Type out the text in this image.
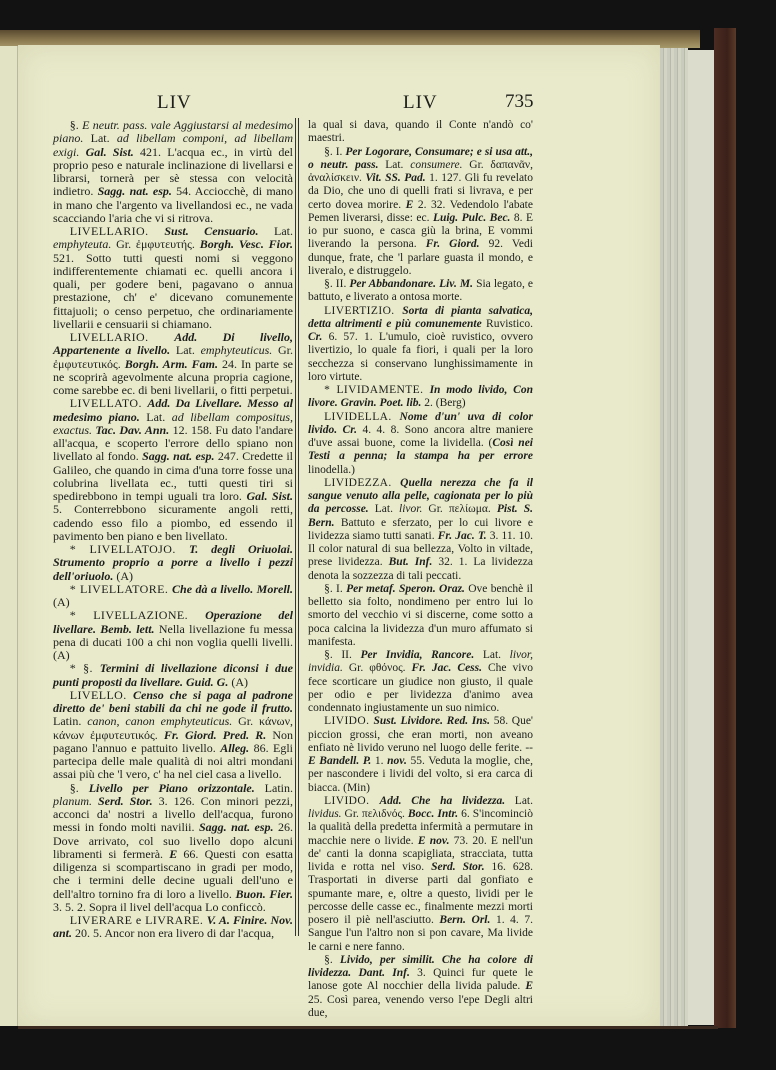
LIV	LIV	735

§. E neutr. pass. vale Aggiustarsi al medesimo piano. Lat. ad libellam componi, ad libellam exigi. Gal. Sist. 421. L'acqua ec., in virtù del proprio peso e naturale inclinazione di livellarsi e librarsi, tornerà per sè stessa con velocità indietro. Sagg. nat. esp. 54. Acciocchè, di mano in mano che l'argento va livellandosi ec., ne vada scacciando l'aria che vi si ritrova.

LIVELLARIO. Sust. Censuario. Lat. emphyteuta. Gr. ἐμφυτευτής. Borgh. Vesc. Fior. 521. Sotto tutti questi nomi si veggono indifferentemente chiamati ec. quelli ancora i quali, per godere beni, pagavano o annua prestazione, ch' e' dicevano comunemente fittajuoli; o censo perpetuo, che ordinariamente livellarii e censuarii si chiamano.

LIVELLARIO. Add. Di livello, Appartenente a livello. Lat. emphyteuticus. Gr. ἐμφυτευτικός. Borgh. Arm. Fam. 24. In parte se ne scoprirà agevolmente alcuna propria cagione, come sarebbe ec. di beni livellarii, o fitti perpetui.

LIVELLATO. Add. Da Livellare. Messo al medesimo piano. Lat. ad libellam compositus, exactus. Tac. Dav. Ann. 12. 158. Fu dato l'andare all'acqua, e scoperto l'errore dello spiano non livellato al fondo. Sagg. nat. esp. 247. Credette il Galileo, che quando in cima d'una torre fosse una colubrina livellata ec., tutti questi tiri si spedirebbono in tempi uguali tra loro. Gal. Sist. 5. Conterrebbono sicuramente angoli retti, cadendo esso filo a piombo, ed essendo il pavimento ben piano e ben livellato.

* LIVELLATOJO. T. degli Oriuolai. Strumento proprio a porre a livello i pezzi dell'oriuolo. (A)

* LIVELLATORE. Che dà a livello. Morell. (A)

* LIVELLAZIONE. Operazione del livellare. Bemb. lett. Nella livellazione fu messa pena di ducati 100 a chi non voglia quelli livelli. (A)

* §. Termini di livellazione diconsi i due punti proposti da livellare. Guid. G. (A)

LIVELLO. Censo che si paga al padrone diretto de' beni stabili da chi ne gode il frutto. Latin. canon, canon emphyteuticus. Gr. κάνων, κάνων ἐμφυτευτικός. Fr. Giord. Pred. R. Non pagano l'annuo e pattuito livello. Alleg. 86. Egli partecipa delle male qualità di noi altri mondani assai più che 'l vero, c' ha nel ciel casa a livello.

§. Livello per Piano orizzontale. Latin. planum. Serd. Stor. 3. 126. Con minori pezzi, acconci da' nostri a livello dell'acqua, furono messi in fondo molti navilii. Sagg. nat. esp. 26. Dove arrivato, col suo livello dopo alcuni libramenti si fermerà. E 66. Questi con esatta diligenza si scompartiscano in gradi per modo, che i termini delle decine uguali dell'uno e dell'altro tornino fra di loro a livello. Buon. Fier. 3. 5. 2. Sopra il livel dell'acqua Lo conficcò.

LIVERARE e LIVRARE. V. A. Finire. Nov. ant. 20. 5. Ancor non era livero di dar l'acqua,

la qual si dava, quando il Conte n'andò co' maestri.

§. I. Per Logorare, Consumare; e si usa att., o neutr. pass. Lat. consumere. Gr. δαπανᾶν, ἀναλίσκειν. Vit. SS. Pad. 1. 127. Gli fu revelato da Dio, che uno di quelli frati si livrava, e per certo dovea morire. E 2. 32. Vedendolo l'abate Pemen liverarsi, disse: ec. Luig. Pulc. Bec. 8. E io pur suono, e casca giù la brina, E vommi liverando la persona. Fr. Giord. 92. Vedi dunque, frate, che 'l parlare guasta il mondo, e liveralo, e distruggelo.

§. II. Per Abbandonare. Liv. M. Sia legato, e battuto, e liverato a ontosa morte.

LIVERTIZIO. Sorta di pianta salvatica, detta altrimenti e più comunemente Ruvistico. Cr. 6. 57. 1. L'umulo, cioè ruvistico, ovvero livertizio, lo quale fa fiori, i quali per la loro secchezza si conservano lunghissimamente in loro virtute.

* LIVIDAMENTE. In modo livido, Con livore. Gravin. Poet. lib. 2. (Berg)

LIVIDELLA. Nome d'un' uva di color livido. Cr. 4. 4. 8. Sono ancora altre maniere d'uve assai buone, come la lividella. (Così nei Testi a penna; la stampa ha per errore linodella.)

LIVIDEZZA. Quella nerezza che fa il sangue venuto alla pelle, cagionata per lo più da percosse. Lat. livor. Gr. πελίωμα. Pist. S. Bern. Battuto e sferzato, per lo cui livore e lividezza siamo tutti sanati. Fr. Jac. T. 3. 11. 10. Il color natural di sua bellezza, Volto in viltade, prese lividezza. But. Inf. 32. 1. La lividezza denota la sozzezza di tali peccati.

§. I. Per metaf. Speron. Oraz. Ove benchè il belletto sia folto, nondimeno per entro lui lo smorto del vecchio vi si discerne, come sotto a poca calcina la lividezza d'un muro affumato si manifesta.

§. II. Per Invidia, Rancore. Lat. livor, invidia. Gr. φθόνος. Fr. Jac. Cess. Che vivo fece scorticare un giudice non giusto, il quale per odio e per lividezza d'animo avea condennato ingiustamente un suo nimico.

LIVIDO. Sust. Lividore. Red. Ins. 58. Que' piccion grossi, che eran morti, non aveano enfiato nè livido veruno nel luogo delle ferite. -- E Bandell. P. 1. nov. 55. Veduta la moglie, che, per nascondere i lividi del volto, si era carca di biacca. (Min)

LIVIDO. Add. Che ha lividezza. Lat. lividus. Gr. πελιδνός. Bocc. Intr. 6. S'incominciò la qualità della predetta infermità a permutare in macchie nere o livide. E nov. 73. 20. E nell'un de' canti la donna scapigliata, stracciata, tutta livida e rotta nel viso. Serd. Stor. 16. 628. Trasportati in diverse parti dal gonfiato e spumante mare, e, oltre a questo, lividi per le percosse delle casse ec., finalmente mezzi morti posero il piè nell'asciutto. Bern. Orl. 1. 4. 7. Sangue l'un l'altro non si pon cavare, Ma livide le carni e nere fanno.

§. Livido, per similit. Che ha colore di lividezza. Dant. Inf. 3. Quinci fur quete le lanose gote Al nocchier della livida palude. E 25. Così parea, venendo verso l'epe Degli altri due,
